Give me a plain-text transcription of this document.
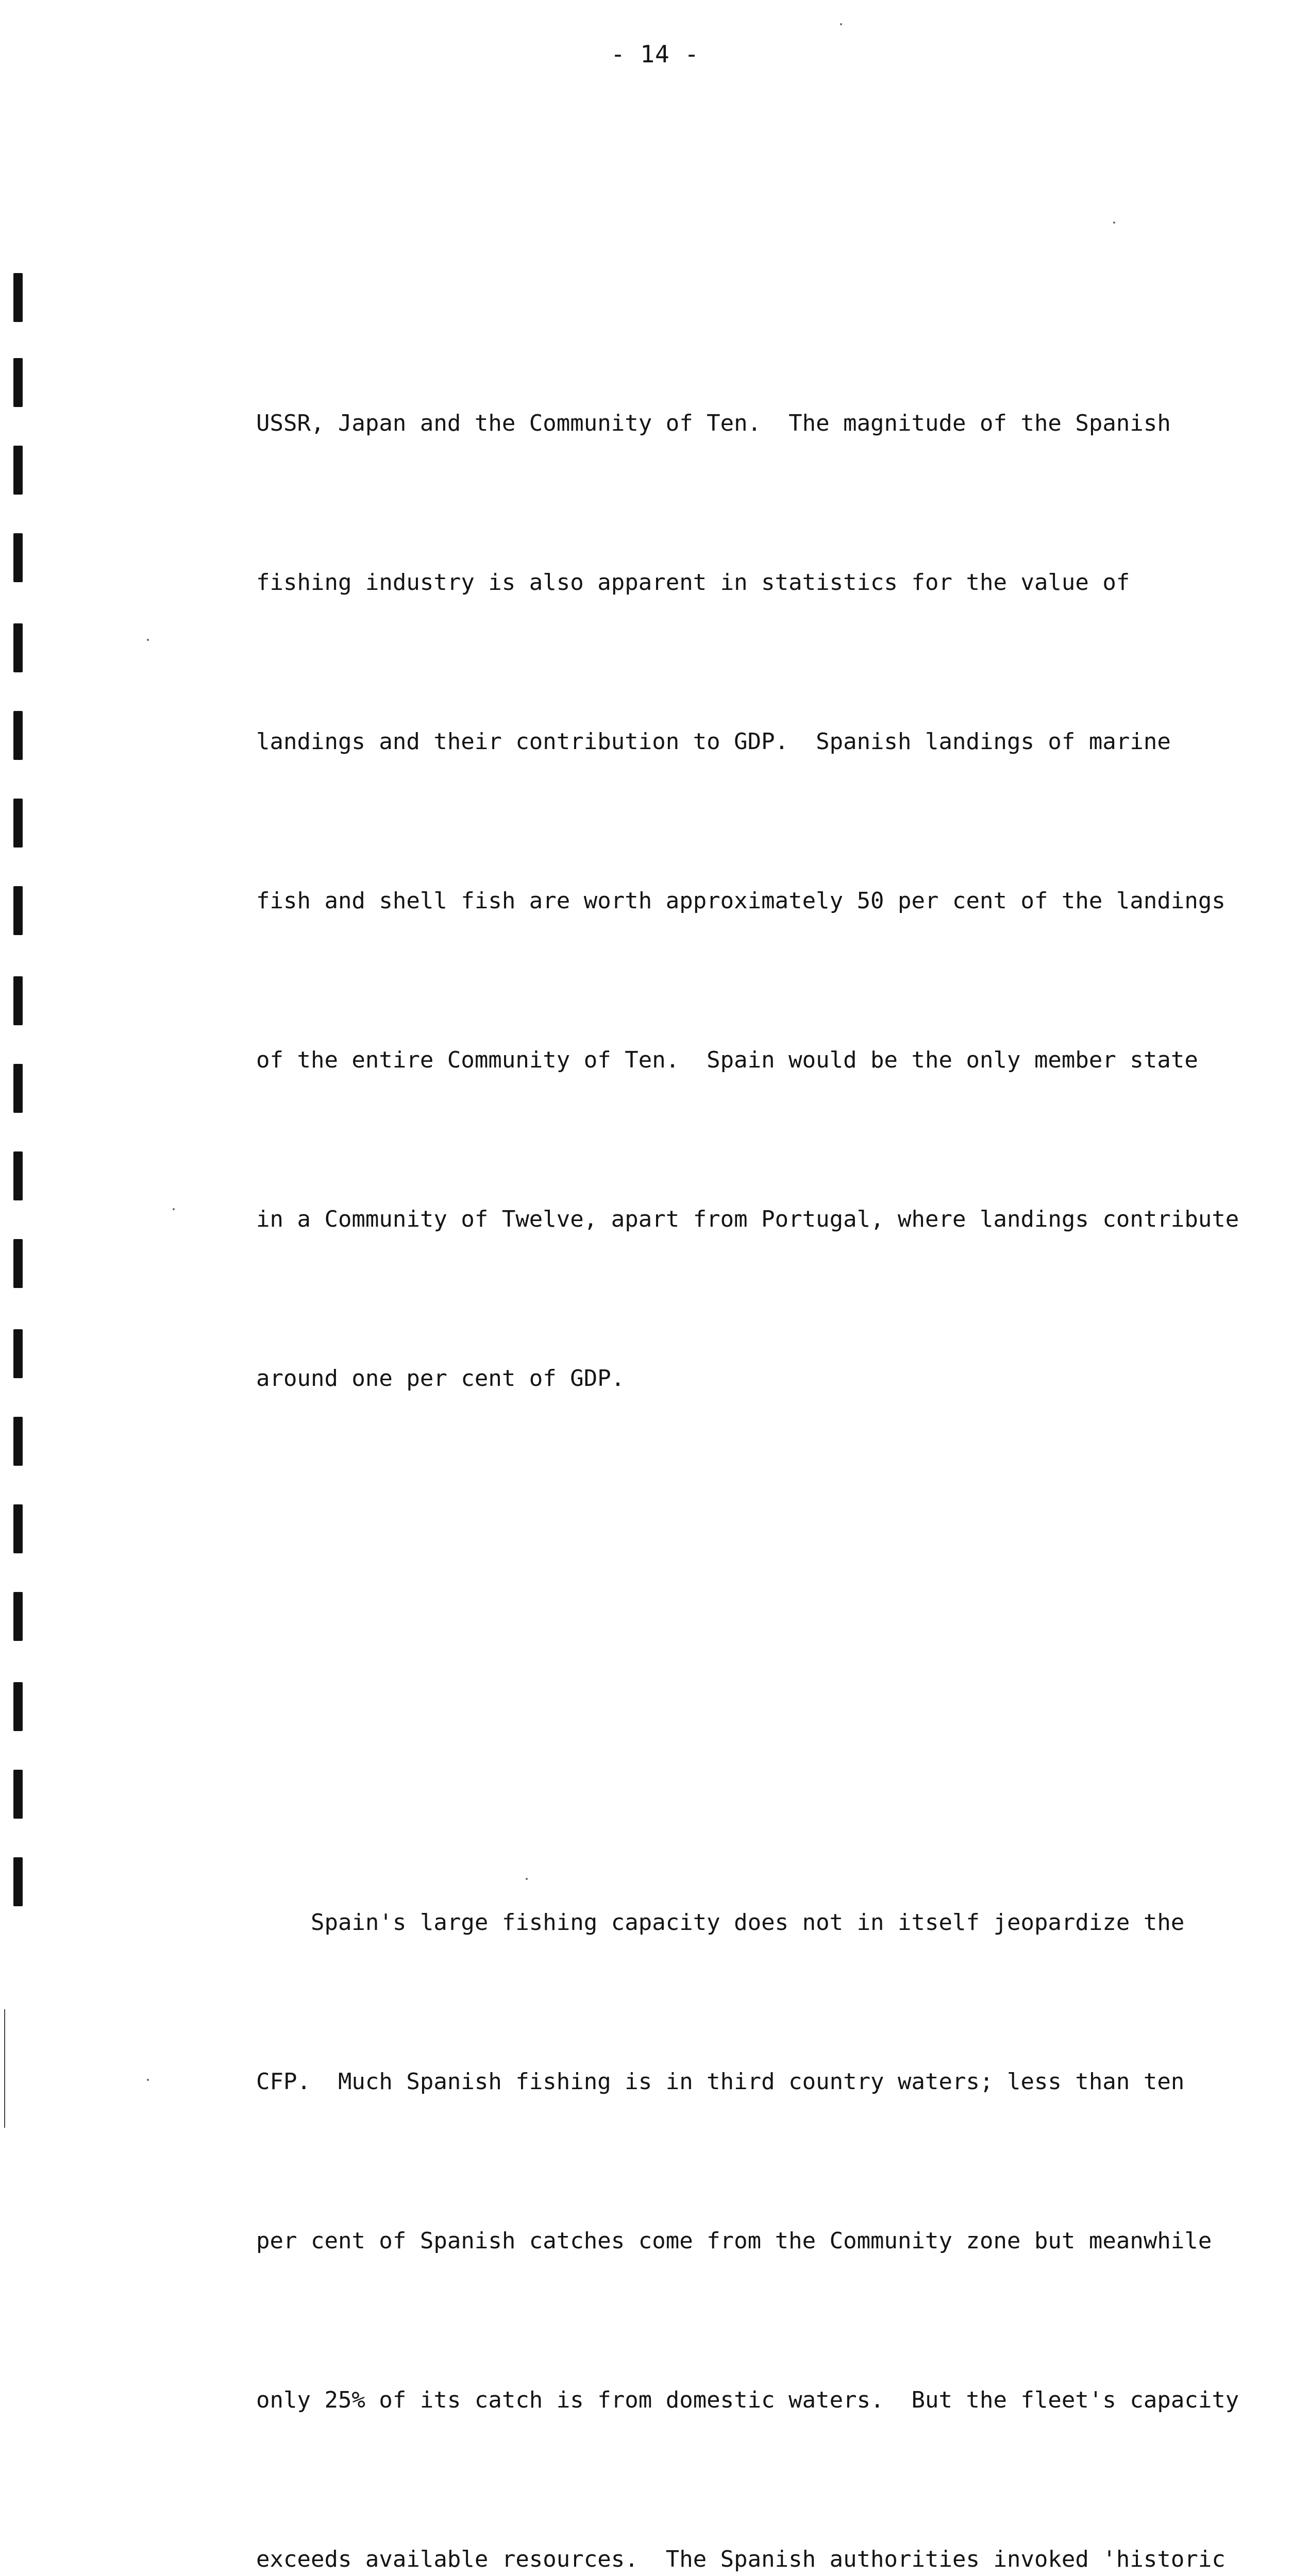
- 14 -

USSR, Japan and the Community of Ten.  The magnitude of the Spanish

fishing industry is also apparent in statistics for the value of

landings and their contribution to GDP.  Spanish landings of marine

fish and shell fish are worth approximately 50 per cent of the landings

of the entire Community of Ten.  Spain would be the only member state

in a Community of Twelve, apart from Portugal, where landings contribute

around one per cent of GDP.

Spain's large fishing capacity does not in itself jeopardize the

CFP.  Much Spanish fishing is in third country waters; less than ten

per cent of Spanish catches come from the Community zone but meanwhile

only 25% of its catch is from domestic waters.  But the fleet's capacity

exceeds available resources.  The Spanish authorities invoked 'historic
